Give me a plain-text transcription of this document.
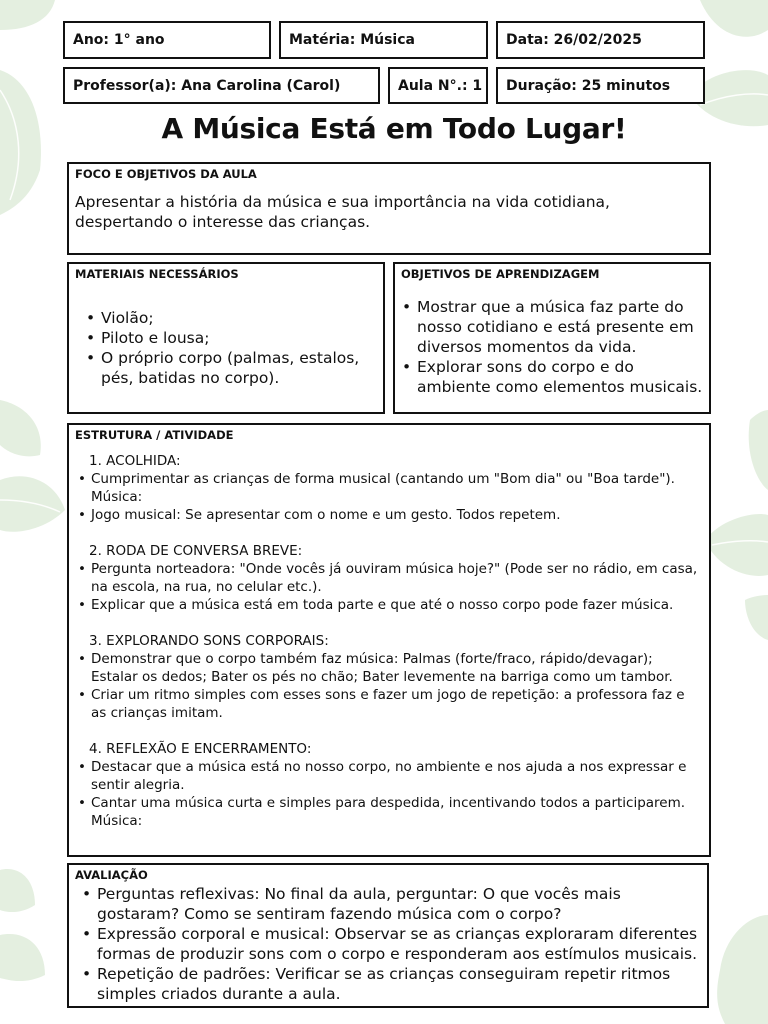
Ano: 1° ano	Matéria: Música	Data: 26/02/2025
Professor(a): Ana Carolina (Carol)	Aula N°.: 1 Duração: 25 minutos
A Música Está em Todo Lugar!
FOCO E OBJETIVOS DA AULA
Apresentar a história da música e sua importância na vida cotidiana, despertando o interesse das crianças.
MATERIAIS NECESSÁRIOS
• Violão;
• Piloto e lousa;
• O próprio corpo (palmas, estalos, pés, batidas no corpo).
OBJETIVOS DE APRENDIZAGEM
• Mostrar que a música faz parte do nosso cotidiano e está presente em diversos momentos da vida.
• Explorar sons do corpo e do ambiente como elementos musicais.
ESTRUTURA / ATIVIDADE
1. ACOLHIDA:
• Cumprimentar as crianças de forma musical (cantando um "Bom dia" ou "Boa tarde"). Música:
• Jogo musical: Se apresentar com o nome e um gesto. Todos repetem.
2. RODA DE CONVERSA BREVE:
• Pergunta norteadora: "Onde vocês já ouviram música hoje?" (Pode ser no rádio, em casa, na escola, na rua, no celular etc.).
• Explicar que a música está em toda parte e que até o nosso corpo pode fazer música.
3. EXPLORANDO SONS CORPORAIS:
• Demonstrar que o corpo também faz música: Palmas (forte/fraco, rápido/devagar); Estalar os dedos; Bater os pés no chão; Bater levemente na barriga como um tambor.
• Criar um ritmo simples com esses sons e fazer um jogo de repetição: a professora faz e as crianças imitam.
4. REFLEXÃO E ENCERRAMENTO:
• Destacar que a música está no nosso corpo, no ambiente e nos ajuda a nos expressar e sentir alegria.
• Cantar uma música curta e simples para despedida, incentivando todos a participarem. Música:
AVALIAÇÃO
• Perguntas reflexivas: No final da aula, perguntar: O que vocês mais gostaram? Como se sentiram fazendo música com o corpo?
• Expressão corporal e musical: Observar se as crianças exploraram diferentes formas de produzir sons com o corpo e responderam aos estímulos musicais.
• Repetição de padrões: Verificar se as crianças conseguiram repetir ritmos simples criados durante a aula.
